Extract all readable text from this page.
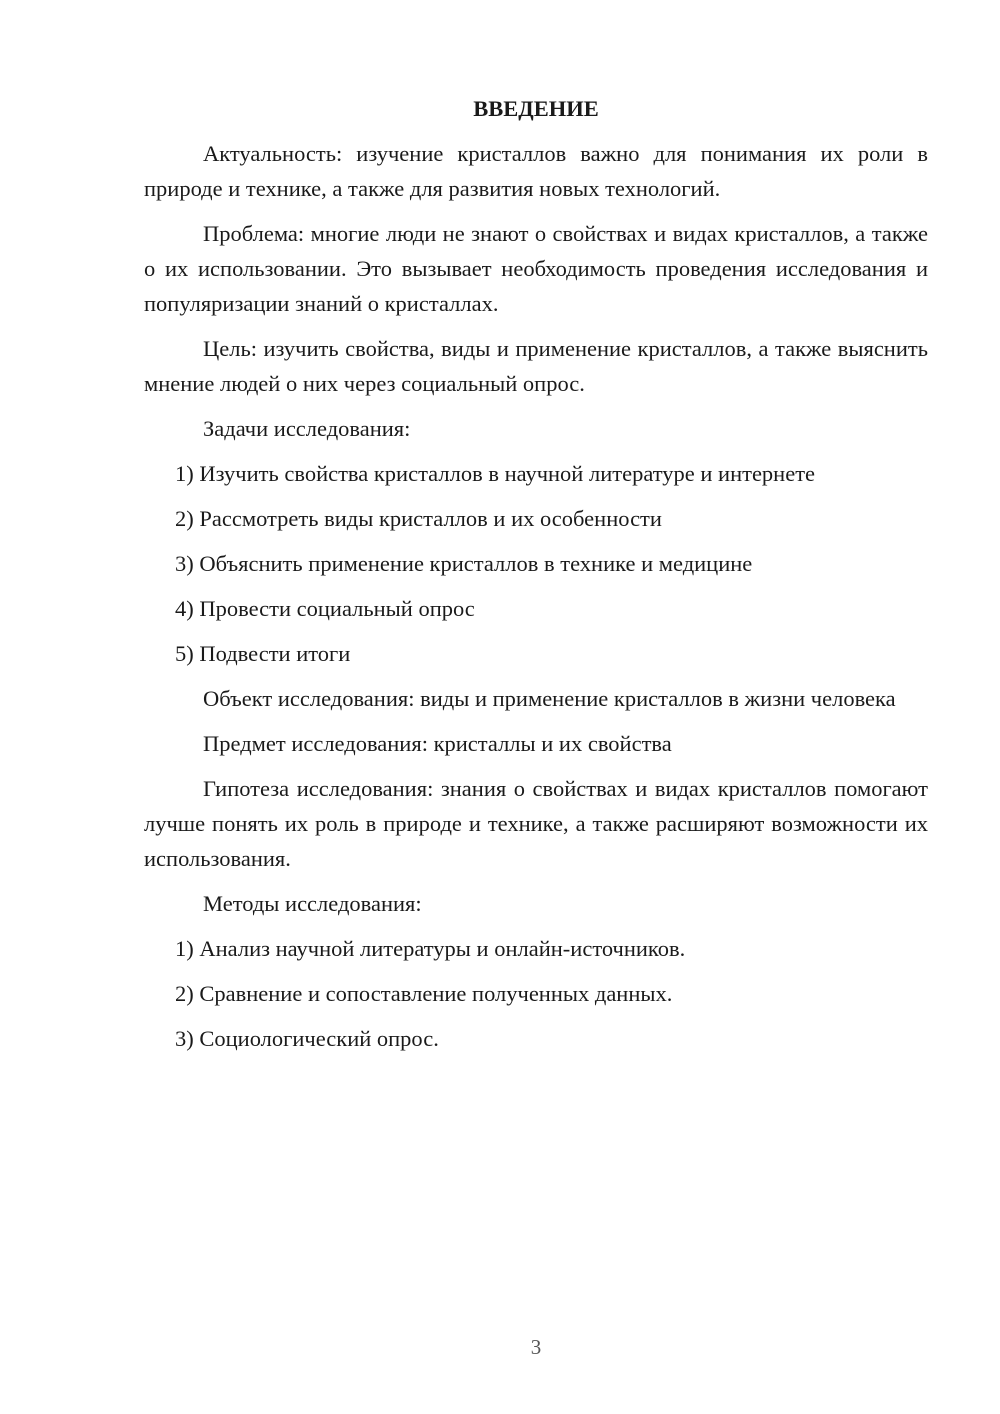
ВВЕДЕНИЕ
Актуальность: изучение кристаллов важно для понимания их роли в природе и технике, а также для развития новых технологий.
Проблема: многие люди не знают о свойствах и видах кристаллов, а также о их использовании. Это вызывает необходимость проведения исследования и популяризации знаний о кристаллах.
Цель: изучить свойства, виды и применение кристаллов, а также выяснить мнение людей о них через социальный опрос.
Задачи исследования:
1) Изучить свойства кристаллов в научной литературе и интернете
2) Рассмотреть виды кристаллов и их особенности
3) Объяснить применение кристаллов в технике и медицине
4) Провести социальный опрос
5) Подвести итоги
Объект исследования: виды и применение кристаллов в жизни человека
Предмет исследования: кристаллы и их свойства
Гипотеза исследования: знания о свойствах и видах кристаллов помогают лучше понять их роль в природе и технике, а также расширяют возможности их использования.
Методы исследования:
1) Анализ научной литературы и онлайн-источников.
2) Сравнение и сопоставление полученных данных.
3) Социологический опрос.
3
